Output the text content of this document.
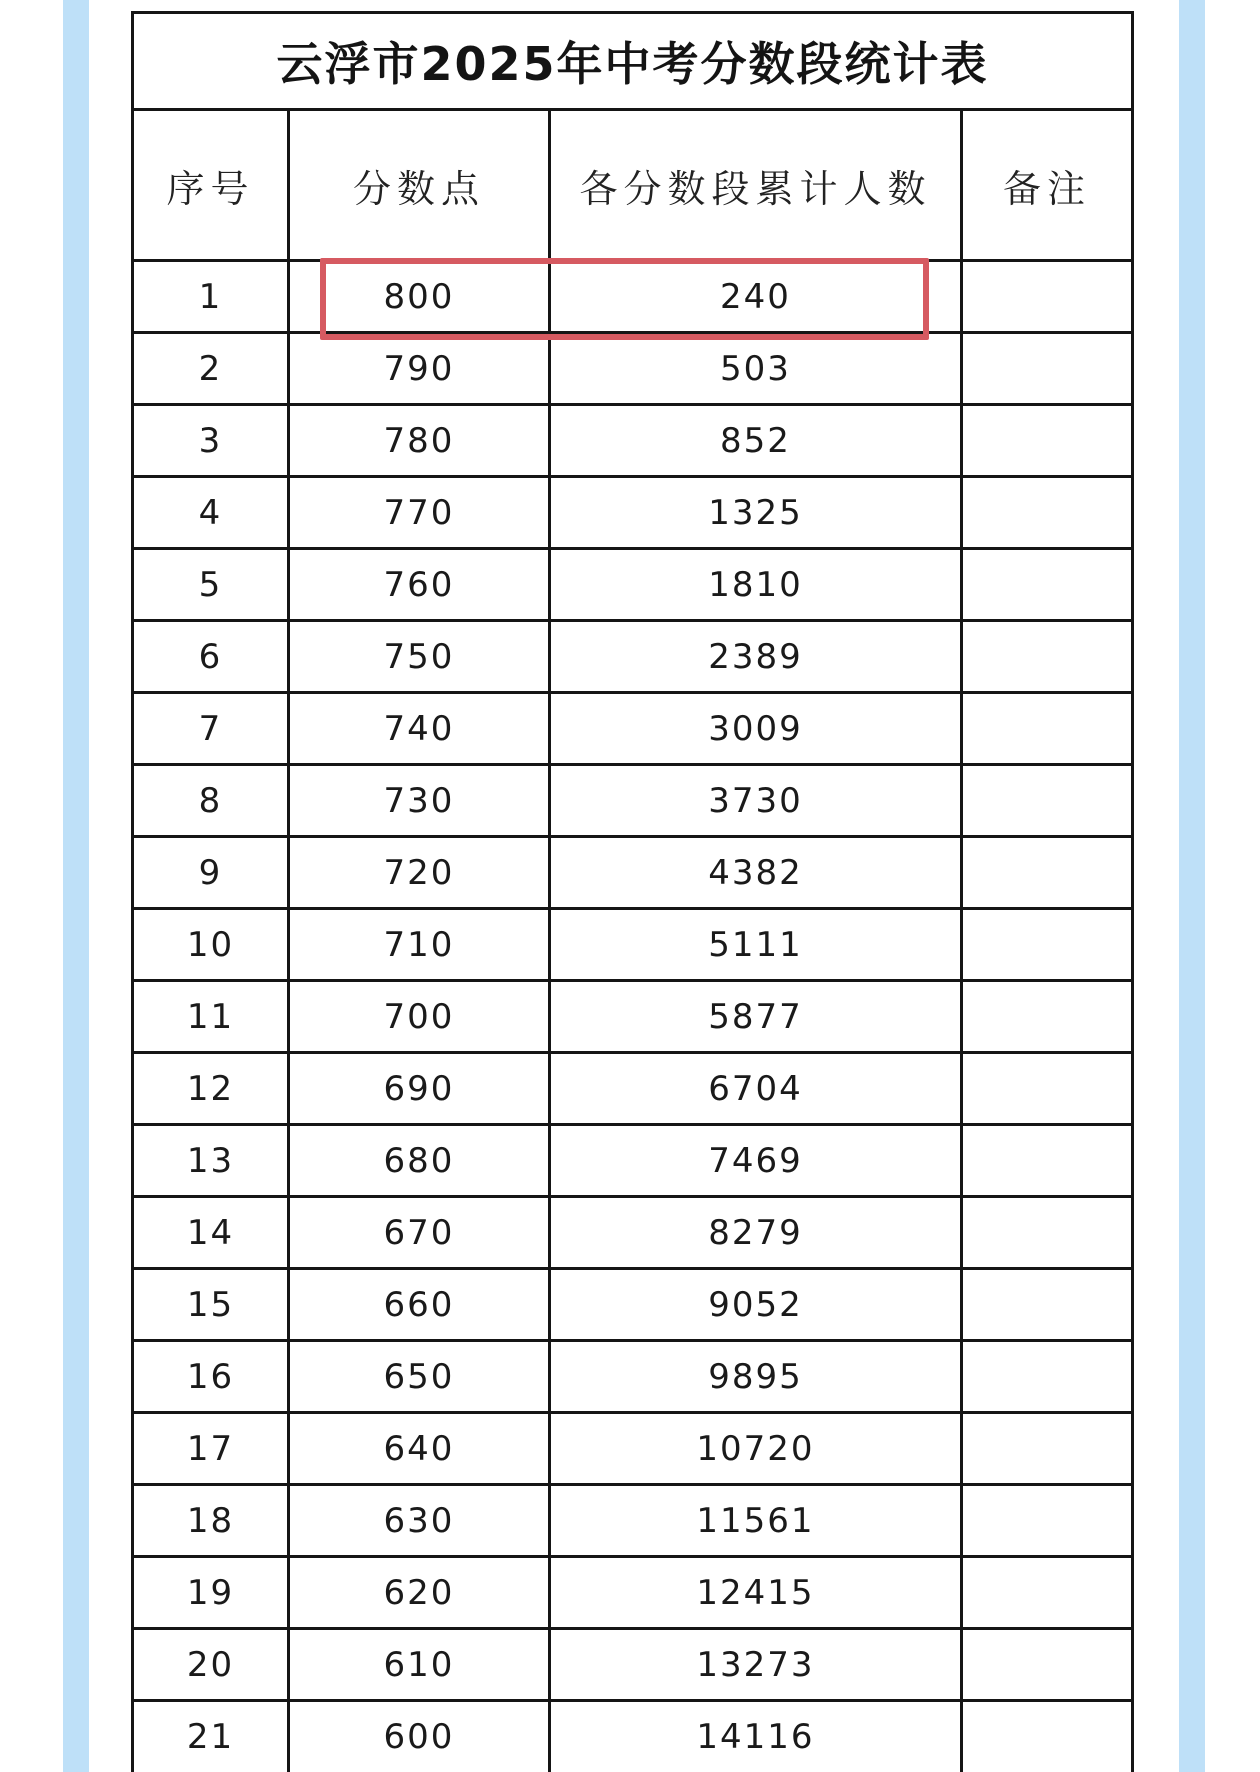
云浮市2025年中考分数段统计表
序号	分数点	各分数段累计人数	备注
1	800	240
2	790	503
3	780	852
4	770	1325
5	760	1810
6	750	2389
7	740	3009
8	730	3730
9	720	4382
10	710	5111
11	700	5877
12	690	6704
13	680	7469
14	670	8279
15	660	9052
16	650	9895
17	640	10720
18	630	11561
19	620	12415
20	610	13273
21	600	14116
